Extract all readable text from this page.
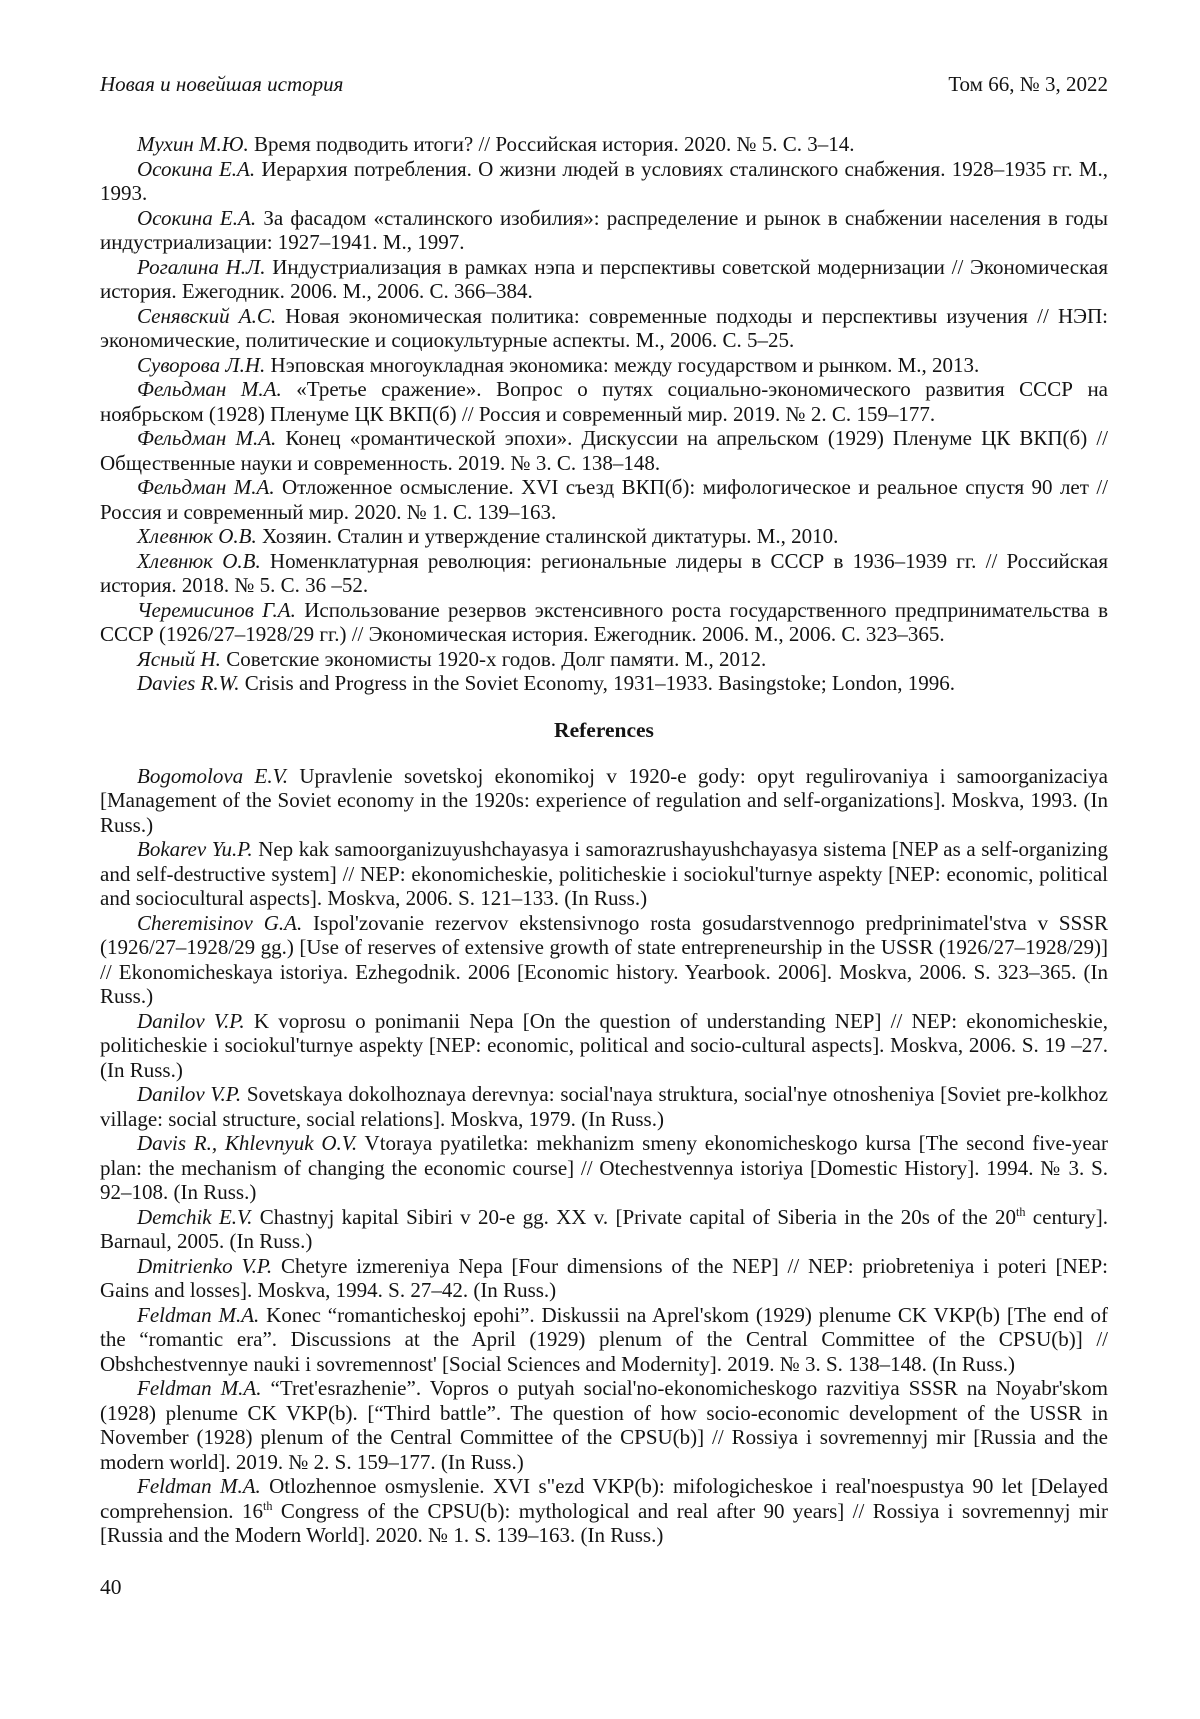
Новая и новейшая история	Том 66, № 3, 2022

Мухин М.Ю. Время подводить итоги? // Российская история. 2020. № 5. С. 3–14.

Осокина Е.А. Иерархия потребления. О жизни людей в условиях сталинского снабжения. 1928–1935 гг. М., 1993.

Осокина Е.А. За фасадом «сталинского изобилия»: распределение и рынок в снабжении населения в годы индустриализации: 1927–1941. М., 1997.

Рогалина Н.Л. Индустриализация в рамках нэпа и перспективы советской модернизации // Экономическая история. Ежегодник. 2006. М., 2006. С. 366–384.

Сенявский А.С. Новая экономическая политика: современные подходы и перспективы изучения // НЭП: экономические, политические и социокультурные аспекты. М., 2006. С. 5–25.

Суворова Л.Н. Нэповская многоукладная экономика: между государством и рынком. М., 2013.

Фельдман М.А. «Третье сражение». Вопрос о путях социально-экономического развития СССР на ноябрьском (1928) Пленуме ЦК ВКП(б) // Россия и современный мир. 2019. № 2. С. 159–177.

Фельдман М.А. Конец «романтической эпохи». Дискуссии на апрельском (1929) Пленуме ЦК ВКП(б) // Общественные науки и современность. 2019. № 3. С. 138–148.

Фельдман М.А. Отложенное осмысление. XVI съезд ВКП(б): мифологическое и реальное спустя 90 лет // Россия и современный мир. 2020. № 1. С. 139–163.

Хлевнюк О.В. Хозяин. Сталин и утверждение сталинской диктатуры. М., 2010.

Хлевнюк О.В. Номенклатурная революция: региональные лидеры в СССР в 1936–1939 гг. // Российская история. 2018. № 5. С. 36 –52.

Черемисинов Г.А. Использование резервов экстенсивного роста государственного предпринимательства в СССР (1926/27–1928/29 гг.) // Экономическая история. Ежегодник. 2006. М., 2006. С. 323–365.

Ясный Н. Советские экономисты 1920-х годов. Долг памяти. М., 2012.

Davies R.W. Crisis and Progress in the Soviet Economy, 1931–1933. Basingstoke; London, 1996.

References

Bogomolova E.V. Upravlenie sovetskoj ekonomikoj v 1920-e gody: opyt regulirovaniya i samoorganizaciya [Management of the Soviet economy in the 1920s: experience of regulation and self-organizations]. Moskva, 1993. (In Russ.)

Bokarev Yu.P. Nep kak samoorganizuyushchayasya i samorazrushayushchayasya sistema [NEP as a self-organizing and self-destructive system] // NEP: ekonomicheskie, politicheskie i sociokul'turnye aspekty [NEP: economic, political and sociocultural aspects]. Moskva, 2006. S. 121–133. (In Russ.)

Cheremisinov G.A. Ispol'zovanie rezervov ekstensivnogo rosta gosudarstvennogo predprinimatel'stva v SSSR (1926/27–1928/29 gg.) [Use of reserves of extensive growth of state entrepreneurship in the USSR (1926/27–1928/29)] // Ekonomicheskaya istoriya. Ezhegodnik. 2006 [Economic history. Yearbook. 2006]. Moskva, 2006. S. 323–365. (In Russ.)

Danilov V.P. K voprosu o ponimanii Nepa [On the question of understanding NEP] // NEP: ekonomicheskie, politicheskie i sociokul'turnye aspekty [NEP: economic, political and socio-cultural aspects]. Moskva, 2006. S. 19 –27. (In Russ.)

Danilov V.P. Sovetskaya dokolhoznaya derevnya: social'naya struktura, social'nye otnosheniya [Soviet pre-kolkhoz village: social structure, social relations]. Moskva, 1979. (In Russ.)

Davis R., Khlevnyuk O.V. Vtoraya pyatiletka: mekhanizm smeny ekonomicheskogo kursa [The second five-year plan: the mechanism of changing the economic course] // Otechestvennya istoriya [Domestic History]. 1994. № 3. S. 92–108. (In Russ.)

Demchik E.V. Chastnyj kapital Sibiri v 20-e gg. XX v. [Private capital of Siberia in the 20s of the 20th century]. Barnaul, 2005. (In Russ.)

Dmitrienko V.P. Chetyre izmereniya Nepa [Four dimensions of the NEP] // NEP: priobreteniya i poteri [NEP: Gains and losses]. Moskva, 1994. S. 27–42. (In Russ.)

Feldman M.A. Konec “romanticheskoj epohi”. Diskussii na Aprel'skom (1929) plenume CK VKP(b) [The end of the “romantic era”. Discussions at the April (1929) plenum of the Central Committee of the CPSU(b)] // Obshchestvennye nauki i sovremennost' [Social Sciences and Modernity]. 2019. № 3. S. 138–148. (In Russ.)

Feldman M.A. “Tret'esrazhenie”. Vopros o putyah social'no-ekonomicheskogo razvitiya SSSR na Noyabr'skom (1928) plenume CK VKP(b). [“Third battle”. The question of how socio-economic development of the USSR in November (1928) plenum of the Central Committee of the CPSU(b)] // Rossiya i sovremennyj mir [Russia and the modern world]. 2019. № 2. S. 159–177. (In Russ.)

Feldman M.A. Otlozhennoe osmyslenie. XVI s"ezd VKP(b): mifologicheskoe i real'noespustya 90 let [Delayed comprehension. 16th Congress of the CPSU(b): mythological and real after 90 years] // Rossiya i sovremennyj mir [Russia and the Modern World]. 2020. № 1. S. 139–163. (In Russ.)

40
